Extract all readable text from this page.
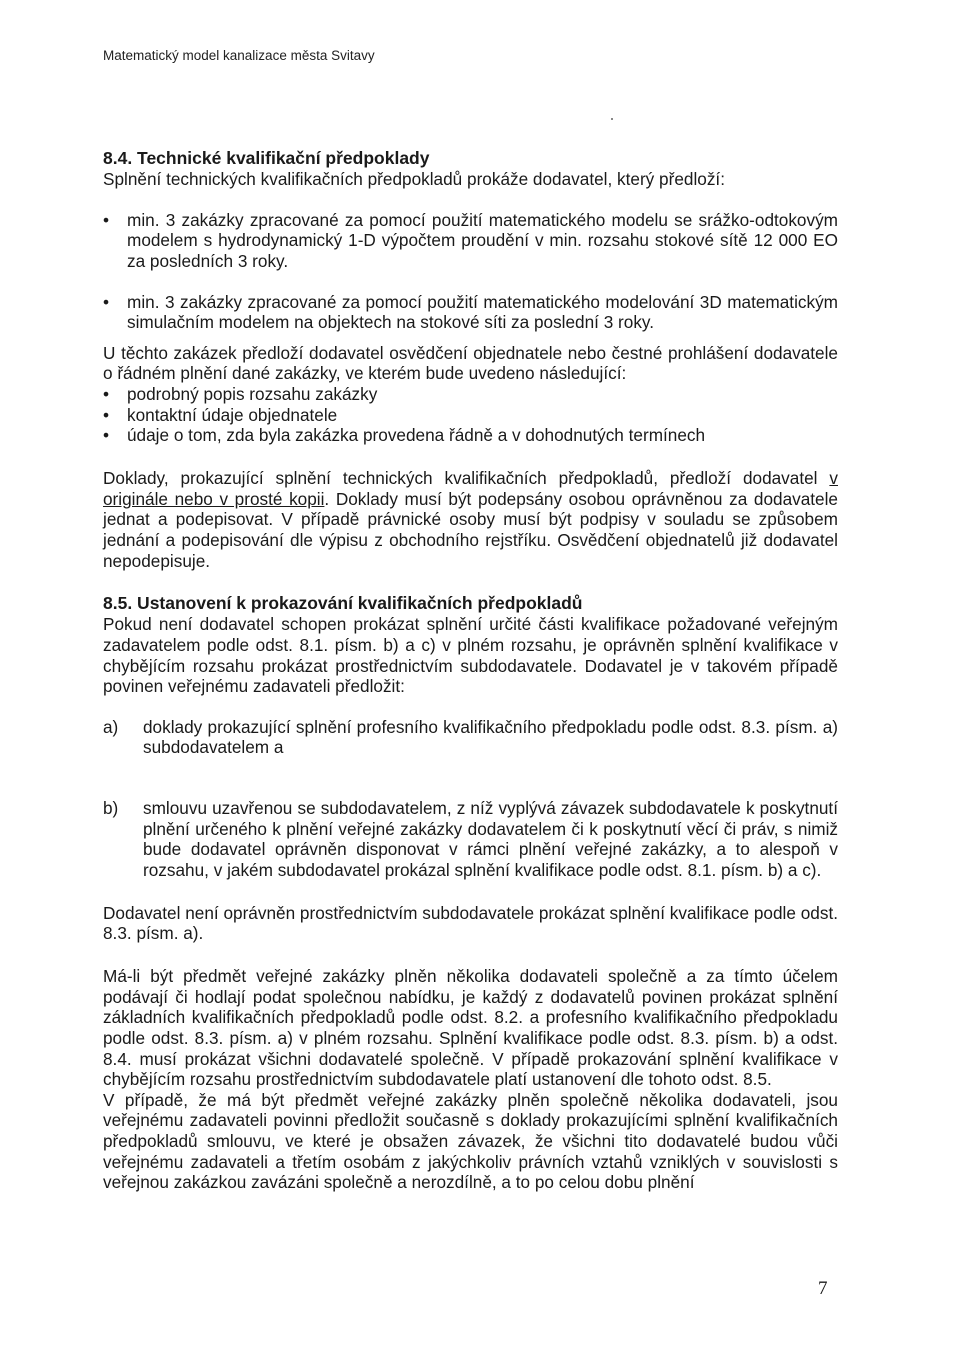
Matematický model kanalizace města Svitavy
8.4. Technické kvalifikační předpoklady

Splnění technických kvalifikačních předpokladů prokáže dodavatel, který předloží:

• min. 3 zakázky zpracované za pomocí použití matematického modelu se srážko-odtokovým modelem s hydrodynamický 1-D výpočtem proudění v min. rozsahu stokové sítě 12 000 EO za posledních 3 roky.
• min. 3 zakázky zpracované za pomocí použití matematického modelování 3D matematickým simulačním modelem na objektech na stokové síti za poslední 3 roky.

U těchto zakázek předloží dodavatel osvědčení objednatele nebo čestné prohlášení dodavatele o řádném plnění dané zakázky, ve kterém bude uvedeno následující:

• podrobný popis rozsahu zakázky
• kontaktní údaje objednatele
• údaje o tom, zda byla zakázka provedena řádně a v dohodnutých termínech

Doklady, prokazující splnění technických kvalifikačních předpokladů, předloží dodavatel v originále nebo v prosté kopii. Doklady musí být podepsány osobou oprávněnou za dodavatele jednat a podepisovat. V případě právnické osoby musí být podpisy v souladu se způsobem jednání a podepisování dle výpisu z obchodního rejstříku. Osvědčení objednatelů již dodavatel nepodepisuje.

8.5. Ustanovení k prokazování kvalifikačních předpokladů

Pokud není dodavatel schopen prokázat splnění určité části kvalifikace požadované veřejným zadavatelem podle odst. 8.1. písm. b) a c) v plném rozsahu, je oprávněn splnění kvalifikace v chybějícím rozsahu prokázat prostřednictvím subdodavatele. Dodavatel je v takovém případě povinen veřejnému zadavateli předložit:

a)	doklady prokazující splnění profesního kvalifikačního předpokladu podle odst. 8.3. písm. a) subdodavatelem a
b)	smlouvu uzavřenou se subdodavatelem, z níž vyplývá závazek subdodavatele k poskytnutí plnění určeného k plnění veřejné zakázky dodavatelem či k poskytnutí věcí či práv, s nimiž bude dodavatel oprávněn disponovat v rámci plnění veřejné zakázky, a to alespoň v rozsahu, v jakém subdodavatel prokázal splnění kvalifikace podle odst. 8.1. písm. b) a c).

Dodavatel není oprávněn prostřednictvím subdodavatele prokázat splnění kvalifikace podle odst. 8.3. písm. a).

Má-li být předmět veřejné zakázky plněn několika dodavateli společně a za tímto účelem podávají či hodlají podat společnou nabídku, je každý z dodavatelů povinen prokázat splnění základních kvalifikačních předpokladů podle odst. 8.2. a profesního kvalifikačního předpokladu podle odst. 8.3. písm. a) v plném rozsahu. Splnění kvalifikace podle odst. 8.3. písm. b) a odst. 8.4. musí prokázat všichni dodavatelé společně. V případě prokazování splnění kvalifikace v chybějícím rozsahu prostřednictvím subdodavatele platí ustanovení dle tohoto odst. 8.5.

V případě, že má být předmět veřejné zakázky plněn společně několika dodavateli, jsou veřejnému zadavateli povinni předložit současně s doklady prokazujícími splnění kvalifikačních předpokladů smlouvu, ve které je obsažen závazek, že všichni tito dodavatelé budou vůči veřejnému zadavateli a třetím osobám z jakýchkoliv právních vztahů vzniklých v souvislosti s veřejnou zakázkou zavázáni společně a nerozdílně, a to po celou dobu plnění

7
